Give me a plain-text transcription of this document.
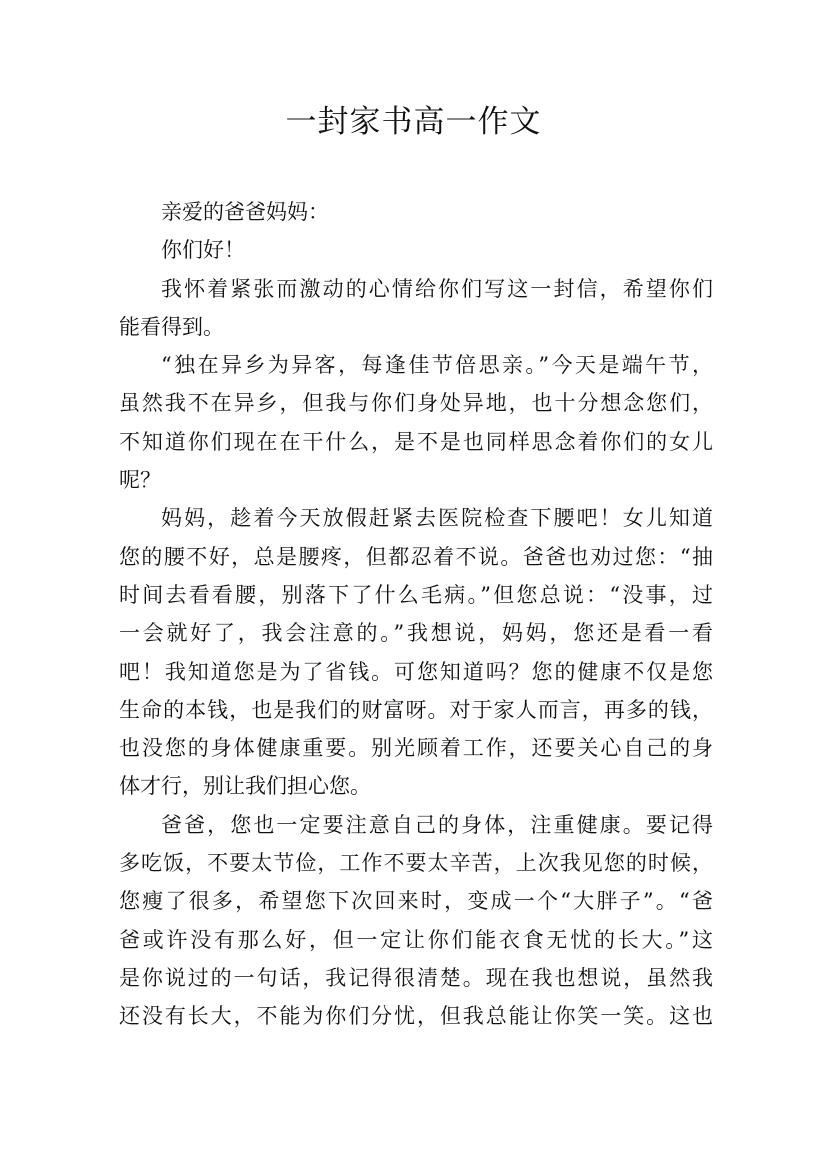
一封家书高一作文
亲爱的爸爸妈妈：
你们好！
我怀着紧张而激动的心情给你们写这一封信，希望你们
能看得到。
“独在异乡为异客，每逢佳节倍思亲。”今天是端午节，
虽然我不在异乡，但我与你们身处异地，也十分想念您们，
不知道你们现在在干什么，是不是也同样思念着你们的女儿
呢？
妈妈，趁着今天放假赶紧去医院检查下腰吧！女儿知道
您的腰不好，总是腰疼，但都忍着不说。爸爸也劝过您：“抽
时间去看看腰，别落下了什么毛病。”但您总说：“没事，过
一会就好了，我会注意的。”我想说，妈妈，您还是看一看
吧！我知道您是为了省钱。可您知道吗？您的健康不仅是您
生命的本钱，也是我们的财富呀。对于家人而言，再多的钱，
也没您的身体健康重要。别光顾着工作，还要关心自己的身
体才行，别让我们担心您。
爸爸，您也一定要注意自己的身体，注重健康。要记得
多吃饭，不要太节俭，工作不要太辛苦，上次我见您的时候，
您瘦了很多，希望您下次回来时，变成一个“大胖子”。“爸
爸或许没有那么好，但一定让你们能衣食无忧的长大。”这
是你说过的一句话，我记得很清楚。现在我也想说，虽然我
还没有长大，不能为你们分忧，但我总能让你笑一笑。这也
